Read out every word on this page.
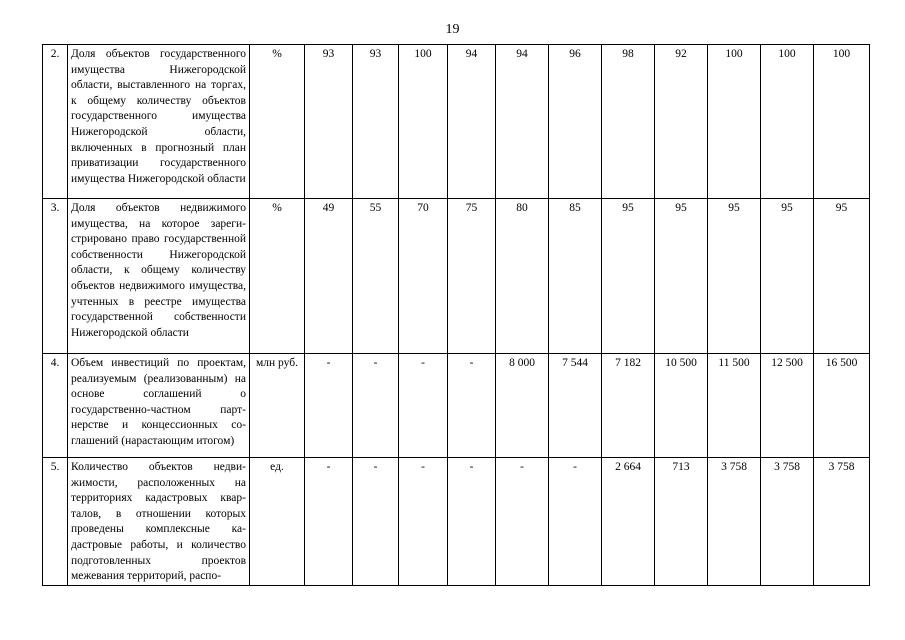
19
2.	Доля объектов государственного имущества Нижегородской области, выставленного на торгах, к общему количеству объектов государственного имущества Нижегородской области, включенных в прогнозный план приватизации государственного имущества Нижегородской области	%	93	93	100	94	94	96	98	92	100	100	100
3.	Доля объектов недвижимого имущества, на которое зарегистрировано право государственной собственности Нижегородской области, к общему количеству объектов недвижимого имущества, учтенных в реестре имущества государственной собственности Нижегородской области	%	49	55	70	75	80	85	95	95	95	95	95
4.	Объем инвестиций по проектам, реализуемым (реализованным) на основе соглашений о государственно-частном партнерстве и концессионных соглашений (нарастающим итогом)	млн руб.	-	-	-	-	8 000	7 544	7 182	10 500	11 500	12 500	16 500
5.	Количество объектов недвижимости, расположенных на территориях кадастровых кварталов, в отношении которых проведены комплексные кадастровые работы, и количество подготовленных проектов межевания территорий, распо-	ед.	-	-	-	-	-	-	2 664	713	3 758	3 758	3 758
